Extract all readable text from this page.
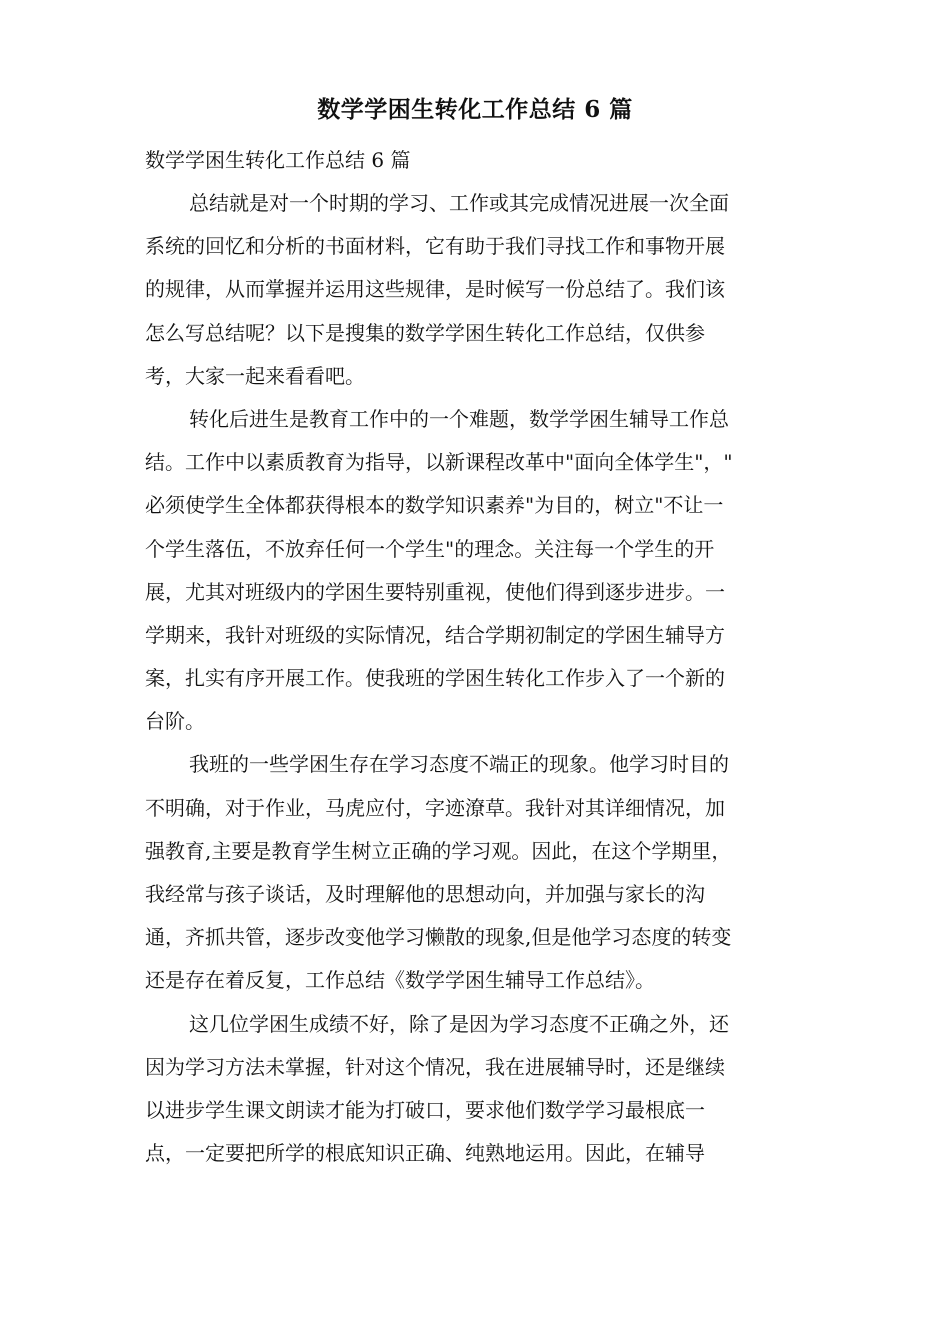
数学学困生转化工作总结 6 篇

数学学困生转化工作总结 6 篇

总结就是对一个时期的学习、工作或其完成情况进展一次全面
系统的回忆和分析的书面材料，它有助于我们寻找工作和事物开展
的规律，从而掌握并运用这些规律，是时候写一份总结了。我们该
怎么写总结呢？以下是搜集的数学学困生转化工作总结，仅供参
考，大家一起来看看吧。
转化后进生是教育工作中的一个难题，数学学困生辅导工作总
结。工作中以素质教育为指导，以新课程改革中"面向全体学生"，"
必须使学生全体都获得根本的数学知识素养"为目的，树立"不让一
个学生落伍，不放弃任何一个学生"的理念。关注每一个学生的开
展，尤其对班级内的学困生要特别重视，使他们得到逐步进步。一
学期来，我针对班级的实际情况，结合学期初制定的学困生辅导方
案，扎实有序开展工作。使我班的学困生转化工作步入了一个新的
台阶。
我班的一些学困生存在学习态度不端正的现象。他学习时目的
不明确，对于作业，马虎应付，字迹潦草。我针对其详细情况，加
强教育,主要是教育学生树立正确的学习观。因此，在这个学期里，
我经常与孩子谈话，及时理解他的思想动向，并加强与家长的沟
通，齐抓共管，逐步改变他学习懒散的现象,但是他学习态度的转变
还是存在着反复，工作总结《数学学困生辅导工作总结》。
这几位学困生成绩不好，除了是因为学习态度不正确之外，还
因为学习方法未掌握，针对这个情况，我在进展辅导时，还是继续
以进步学生课文朗读才能为打破口，要求他们数学学习最根底一
点，一定要把所学的根底知识正确、纯熟地运用。因此，在辅导
